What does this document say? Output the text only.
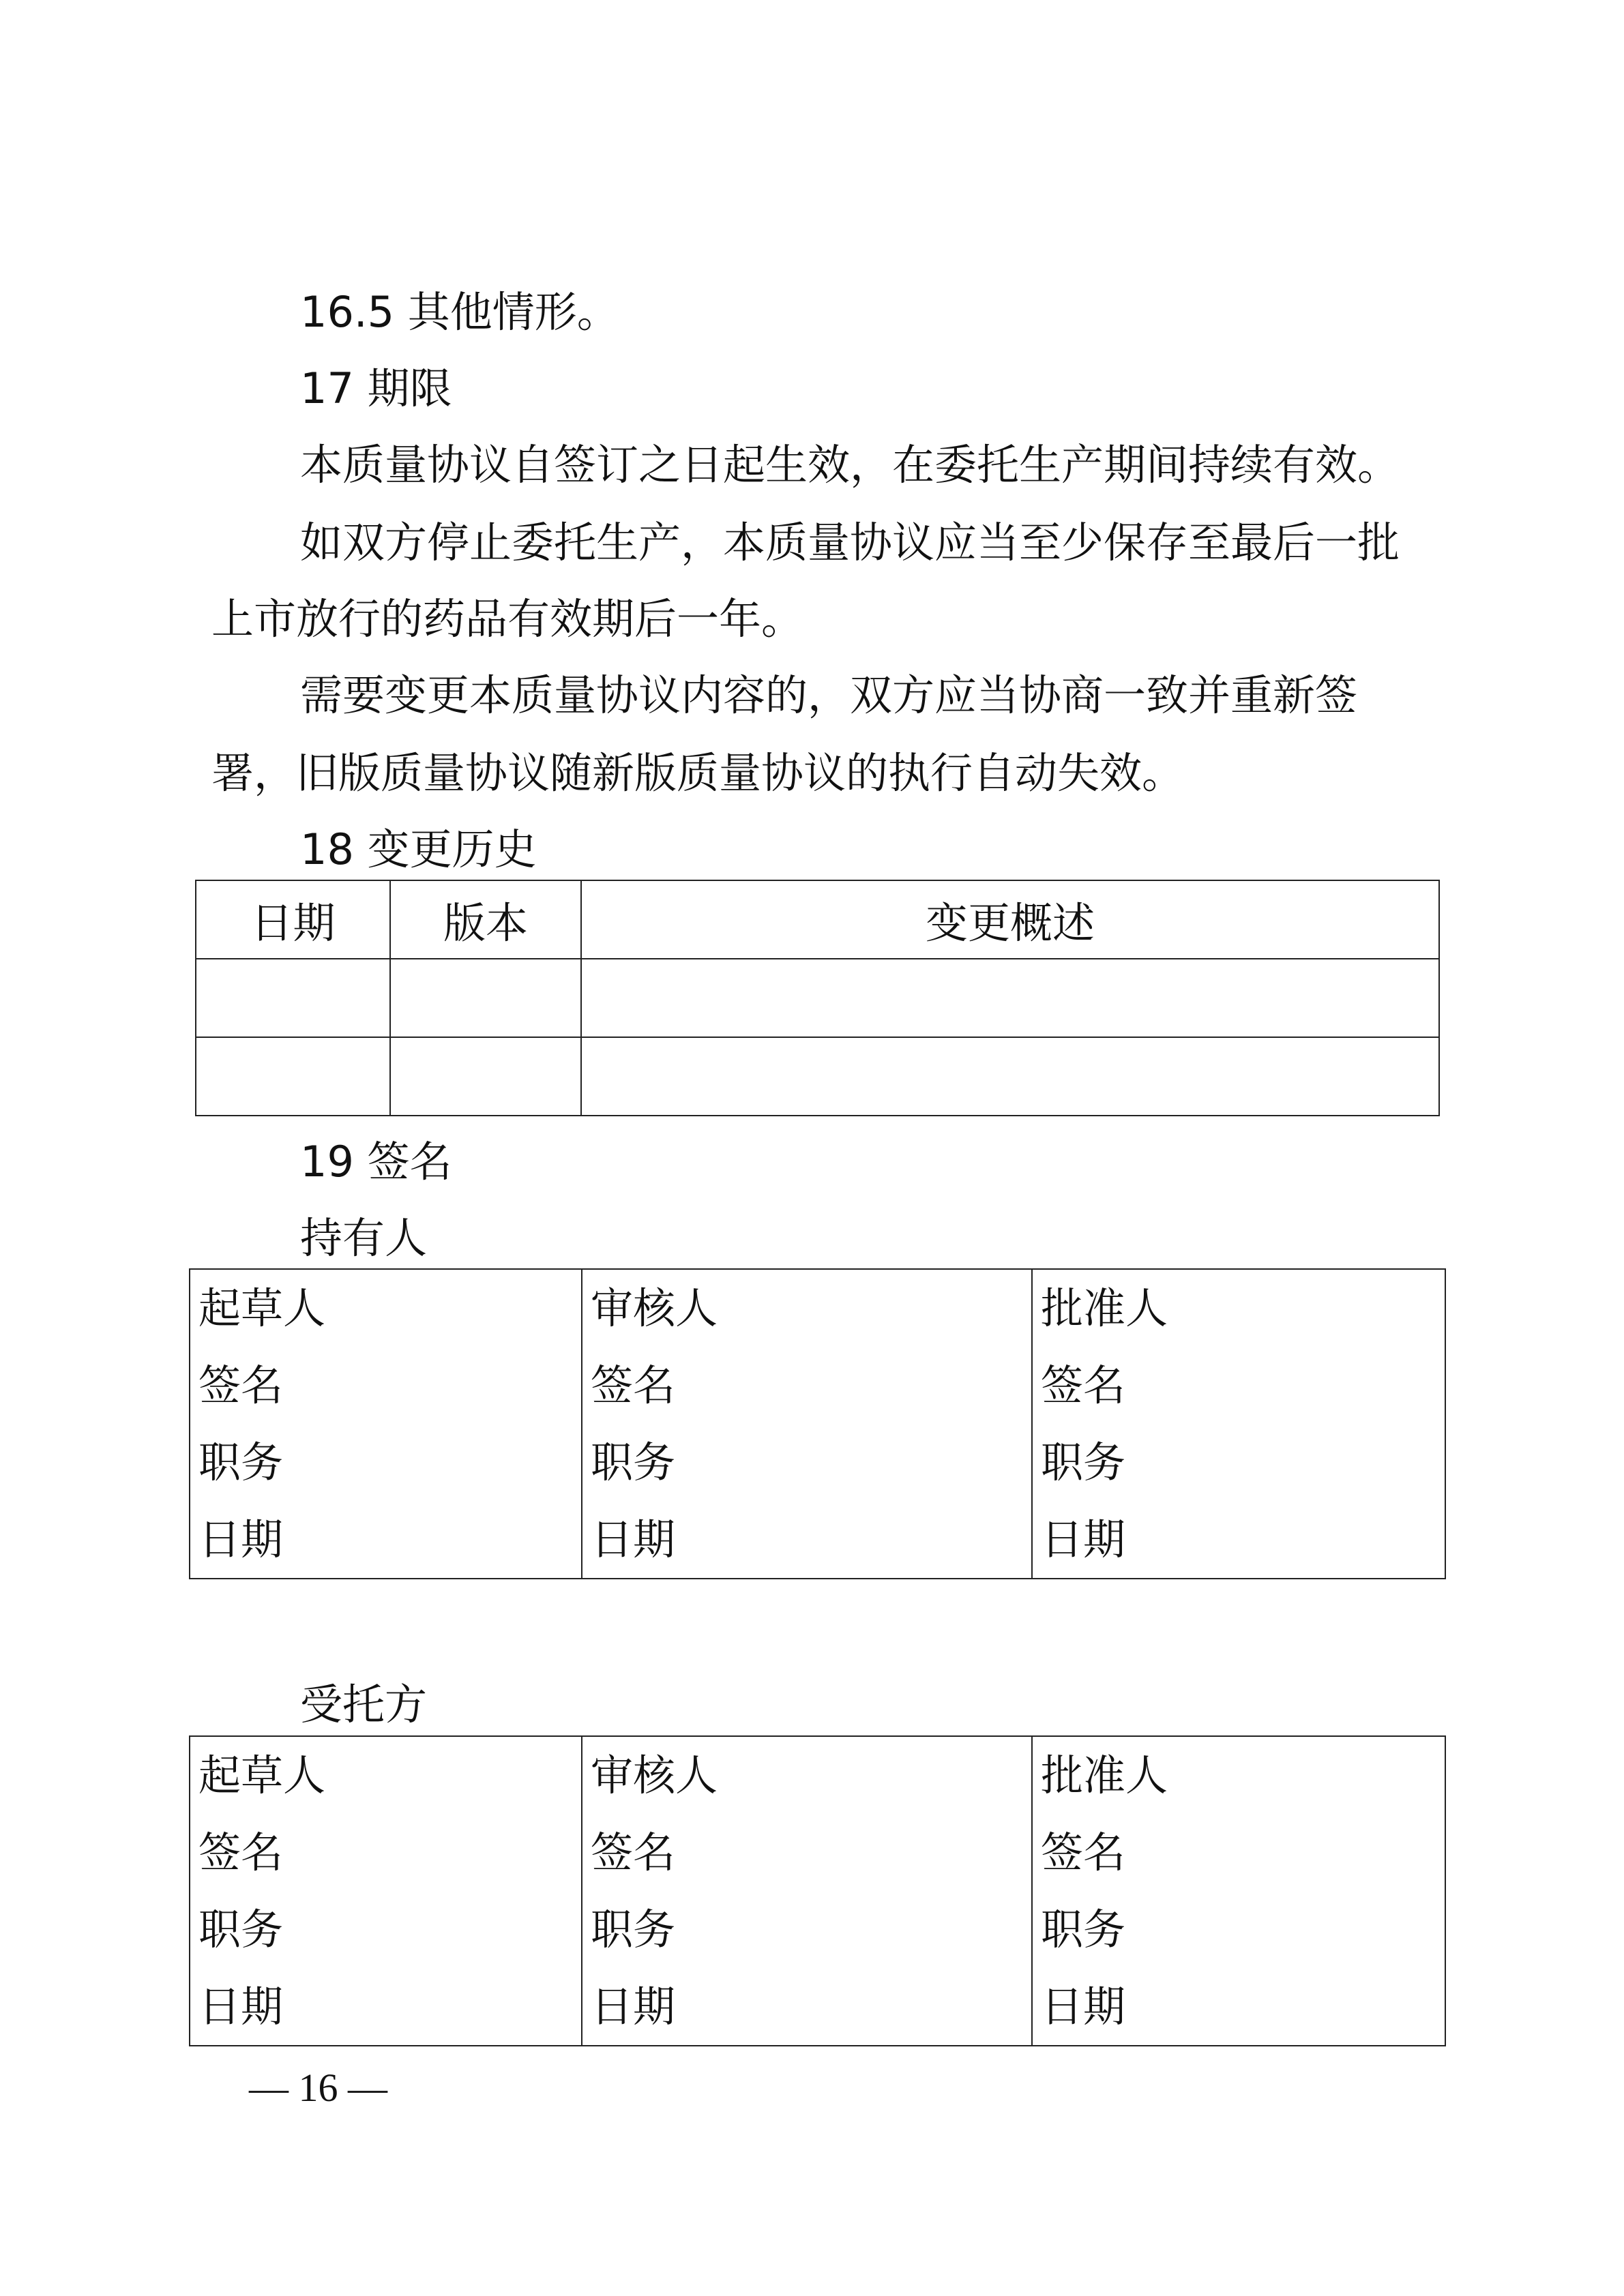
16.5 其他情形。
17 期限
本质量协议自签订之日起生效，在委托生产期间持续有效。
如双方停止委托生产，本质量协议应当至少保存至最后一批
上市放行的药品有效期后一年。
需要变更本质量协议内容的，双方应当协商一致并重新签
署，旧版质量协议随新版质量协议的执行自动失效。
18 变更历史
日期	版本	变更概述

19 签名
持有人
起草人
签名
职务
日期

审核人
签名
职务
日期

批准人
签名
职务
日期
受托方
起草人
签名
职务
日期

审核人
签名
职务
日期

批准人
签名
职务
日期
— 16 —
